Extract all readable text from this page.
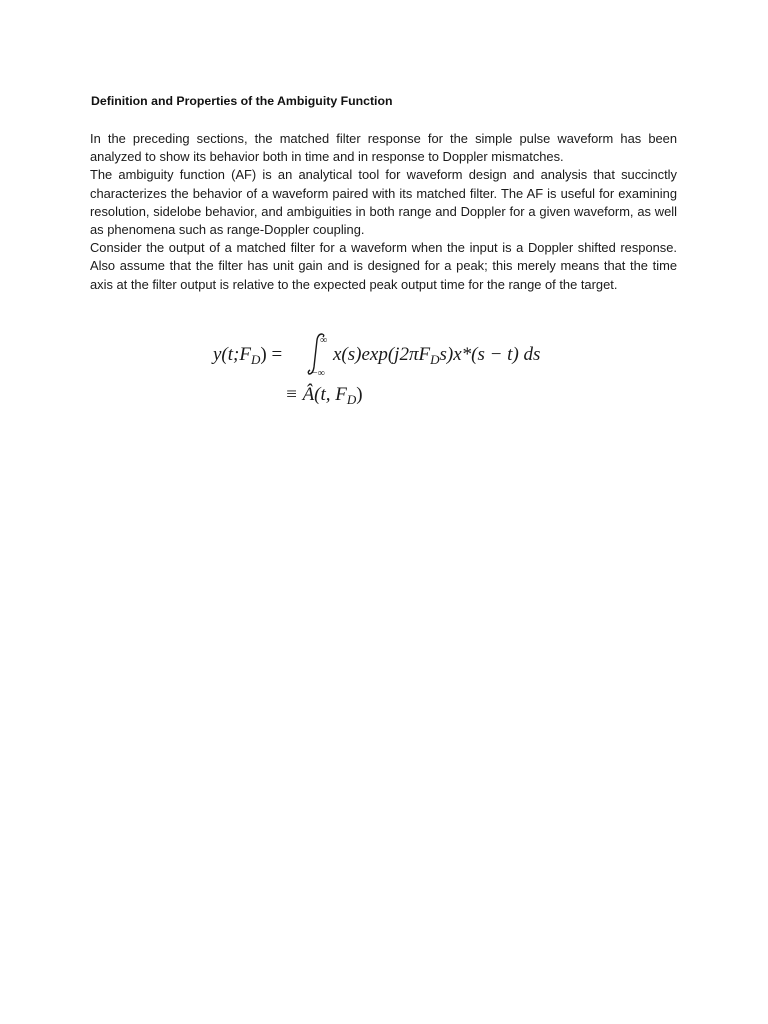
Definition and Properties of the Ambiguity Function

In the preceding sections, the matched filter response for the simple pulse waveform has been analyzed to show its behavior both in time and in response to Doppler mismatches.

The ambiguity function (AF) is an analytical tool for waveform design and analysis that succinctly characterizes the behavior of a waveform paired with its matched filter. The AF is useful for examining resolution, sidelobe behavior, and ambiguities in both range and Doppler for a given waveform, as well as phenomena such as range-Doppler coupling.

Consider the output of a matched filter for a waveform when the input is a Doppler shifted response. Also assume that the filter has unit gain and is designed for a peak; this merely means that the time axis at the filter output is relative to the expected peak output time for the range of the target.

$y(t;F_D)$ =
∞
−∞
$x(s)\exp(j2\pi F_Ds)x*(s - t)$ ds
≡ Â(t, $F_D$)
